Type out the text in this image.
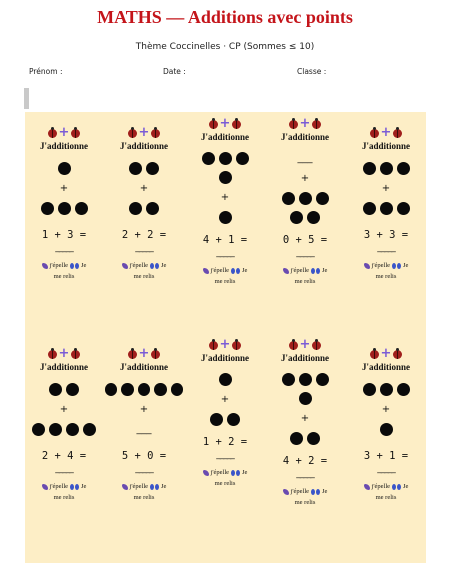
MATHS — Additions avec points
Thème Coccinelles · CP (Sommes ≤ 10)
Prénom :	Date :	Classe :
+
J'additionne
+
1 + 3 =
_____
j'épelle Je
me relis
+
J'additionne
+
2 + 2 =
_____
j'épelle Je
me relis
+
J'additionne
+
4 + 1 =
_____
j'épelle Je
me relis
+
J'additionne
___
+
0 + 5 =
_____
j'épelle Je
me relis
+
J'additionne
+
3 + 3 =
_____
j'épelle Je
me relis
+
J'additionne
+
2 + 4 =
_____
j'épelle Je
me relis
+
J'additionne
+
___
5 + 0 =
_____
j'épelle Je
me relis
+
J'additionne
+
1 + 2 =
_____
j'épelle Je
me relis
+
J'additionne
+
4 + 2 =
_____
j'épelle Je
me relis
+
J'additionne
+
3 + 1 =
_____
j'épelle Je
me relis
